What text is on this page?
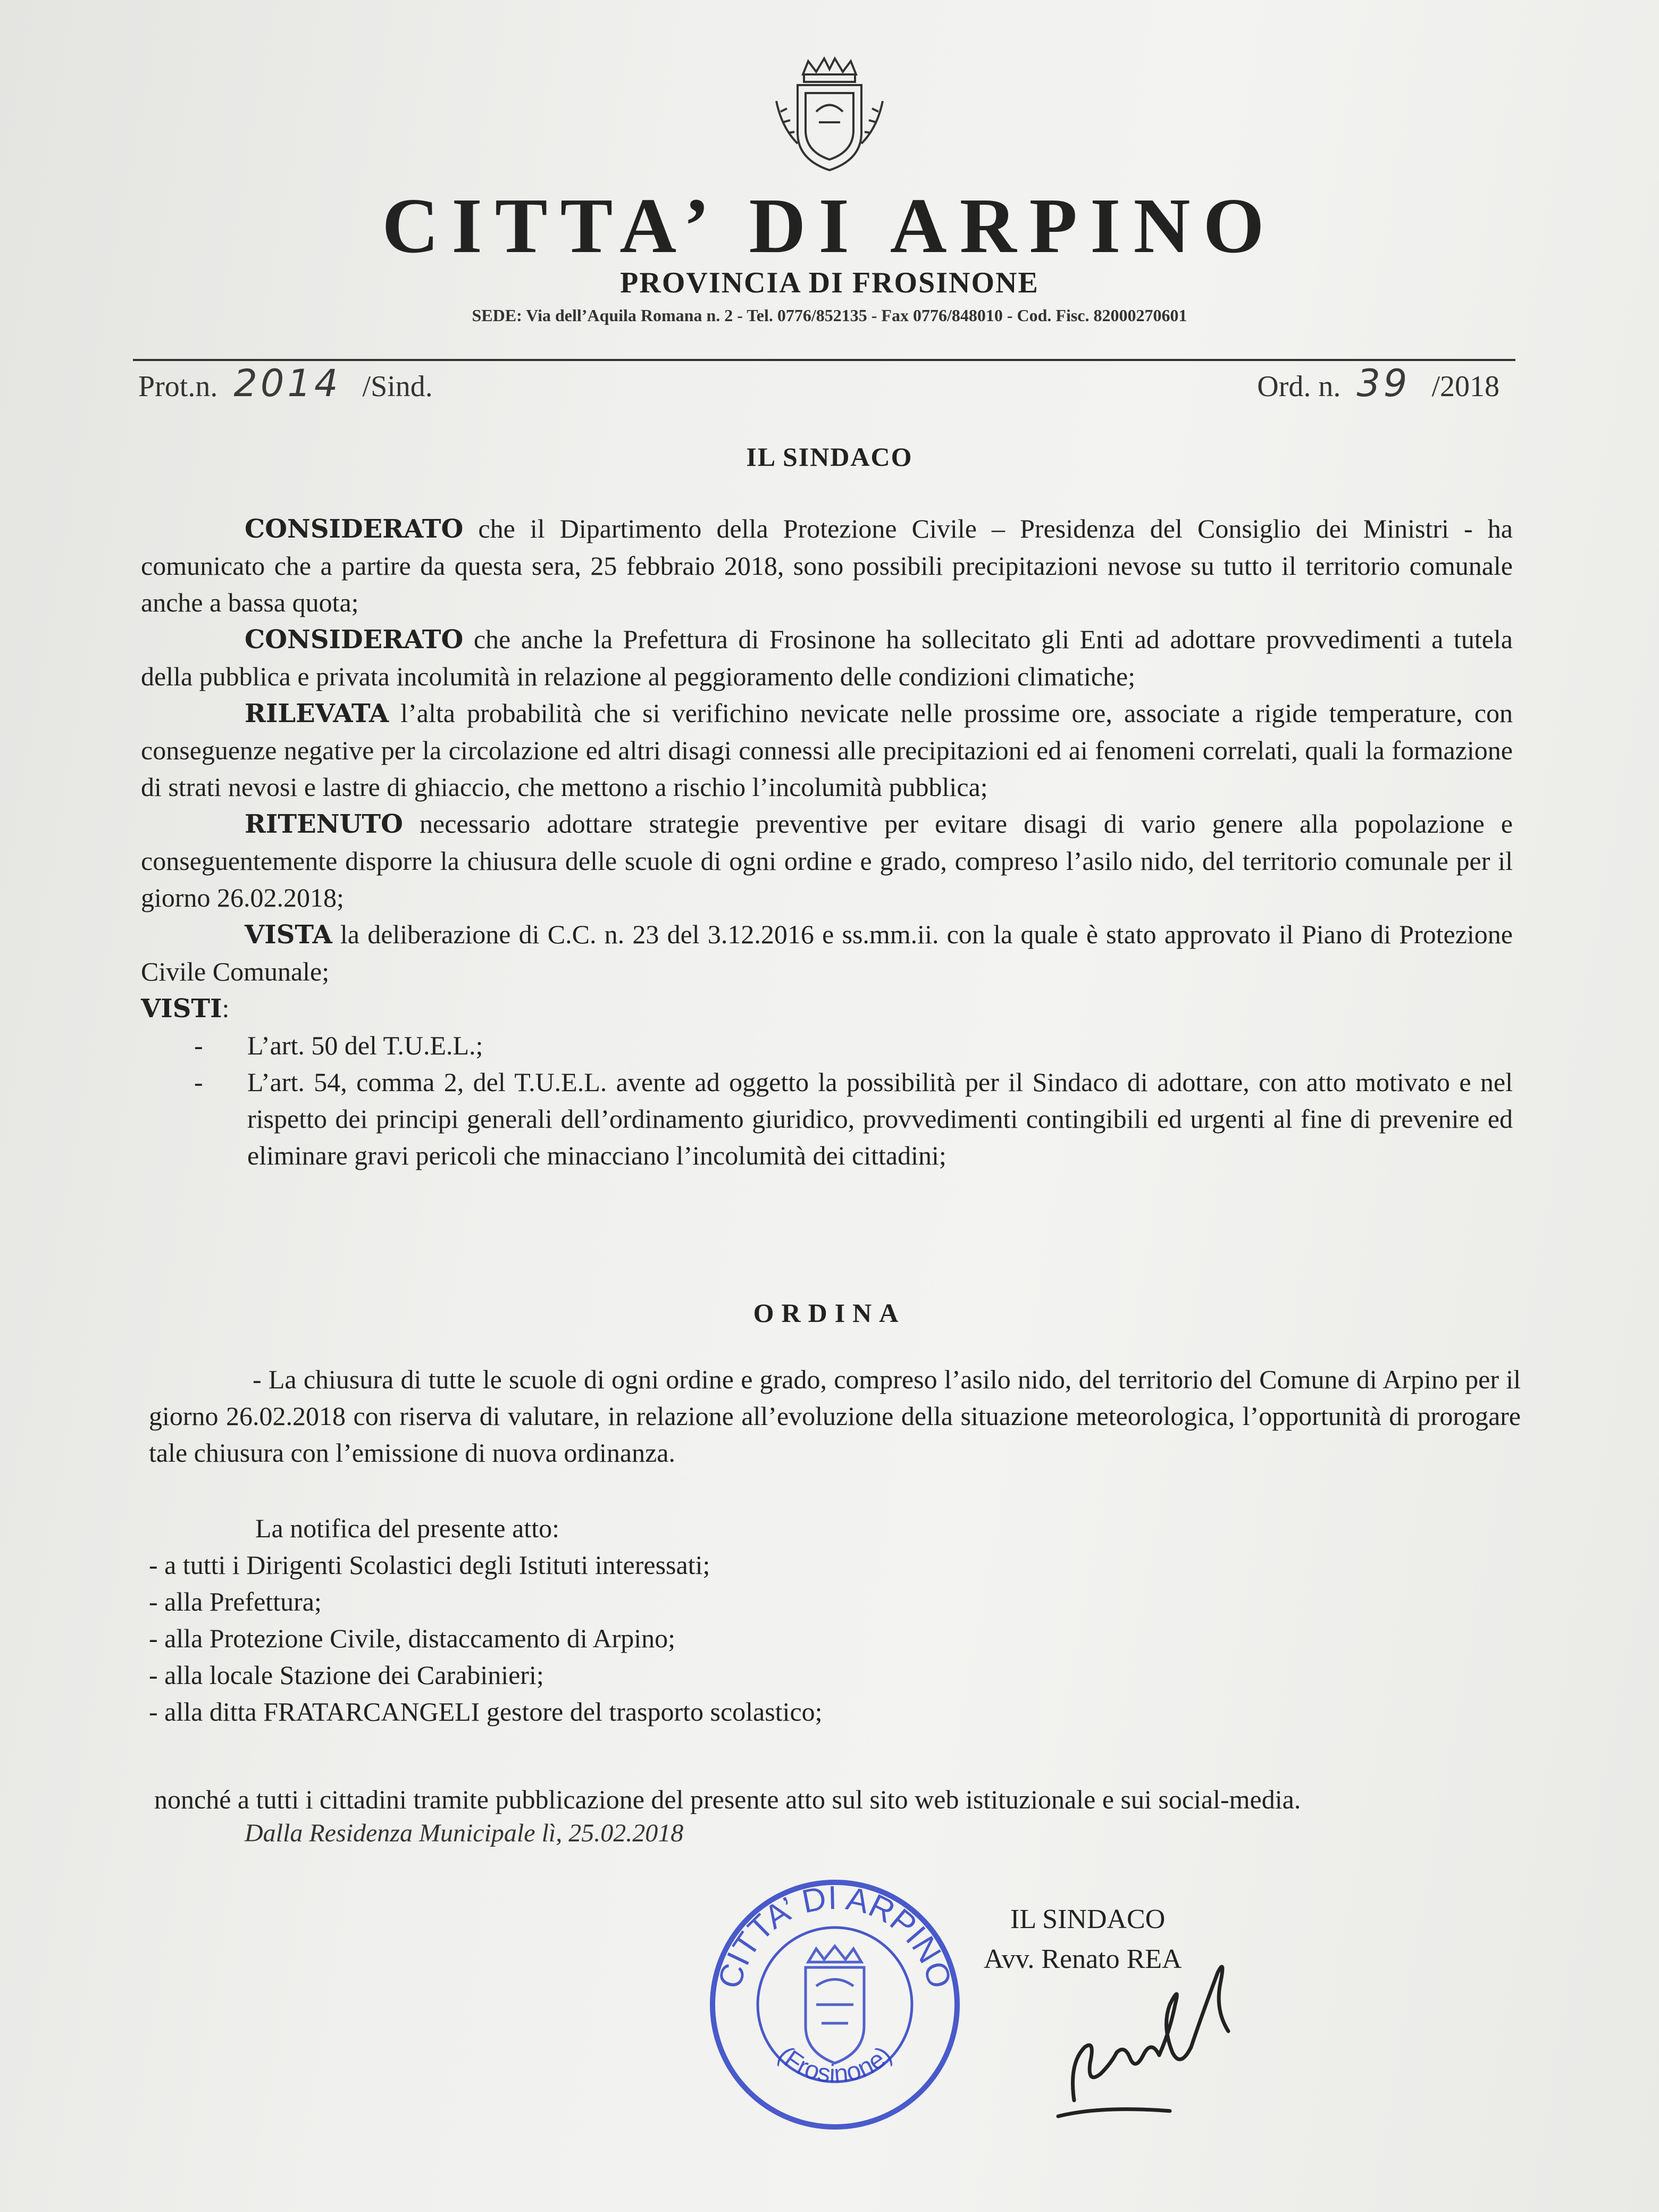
CITTA’ DI ARPINO
PROVINCIA DI FROSINONE
SEDE: Via dell’Aquila Romana n. 2 - Tel. 0776/852135 - Fax 0776/848010 - Cod. Fisc. 82000270601
Prot.n. 2014 /Sind.	Ord. n. 39 /2018
IL SINDACO

CONSIDERATO che il Dipartimento della Protezione Civile – Presidenza del Consiglio dei Ministri - ha comunicato che a partire da questa sera, 25 febbraio 2018, sono possibili precipitazioni nevose su tutto il territorio comunale anche a bassa quota;

CONSIDERATO che anche la Prefettura di Frosinone ha sollecitato gli Enti ad adottare provvedimenti a tutela della pubblica e privata incolumità in relazione al peggioramento delle condizioni climatiche;

RILEVATA l’alta probabilità che si verifichino nevicate nelle prossime ore, associate a rigide temperature, con conseguenze negative per la circolazione ed altri disagi connessi alle precipitazioni ed ai fenomeni correlati, quali la formazione di strati nevosi e lastre di ghiaccio, che mettono a rischio l’incolumità pubblica;

RITENUTO necessario adottare strategie preventive per evitare disagi di vario genere alla popolazione e conseguentemente disporre la chiusura delle scuole di ogni ordine e grado, compreso l’asilo nido, del territorio comunale per il giorno 26.02.2018;

VISTA la deliberazione di C.C. n. 23 del 3.12.2016 e ss.mm.ii. con la quale è stato approvato il Piano di Protezione Civile Comunale;

VISTI:

- L’art. 50 del T.U.E.L.;
- L’art. 54, comma 2, del T.U.E.L. avente ad oggetto la possibilità per il Sindaco di adottare, con atto motivato e nel rispetto dei principi generali dell’ordinamento giuridico, provvedimenti contingibili ed urgenti al fine di prevenire ed eliminare gravi pericoli che minacciano l’incolumità dei cittadini;
ORDINA

- La chiusura di tutte le scuole di ogni ordine e grado, compreso l’asilo nido, del territorio del Comune di Arpino per il giorno 26.02.2018 con riserva di valutare, in relazione all’evoluzione della situazione meteorologica, l’opportunità di prorogare tale chiusura con l’emissione di nuova ordinanza.

La notifica del presente atto:

- a tutti i Dirigenti Scolastici degli Istituti interessati;

- alla Prefettura;

- alla Protezione Civile, distaccamento di Arpino;

- alla locale Stazione dei Carabinieri;

- alla ditta FRATARCANGELI gestore del trasporto scolastico;

nonché a tutti i cittadini tramite pubblicazione del presente atto sul sito web istituzionale e sui social-media.
Dalla Residenza Municipale lì, 25.02.2018
CITTA’ DI ARPINO
(Frosinone)
IL SINDACO
Avv. Renato REA
